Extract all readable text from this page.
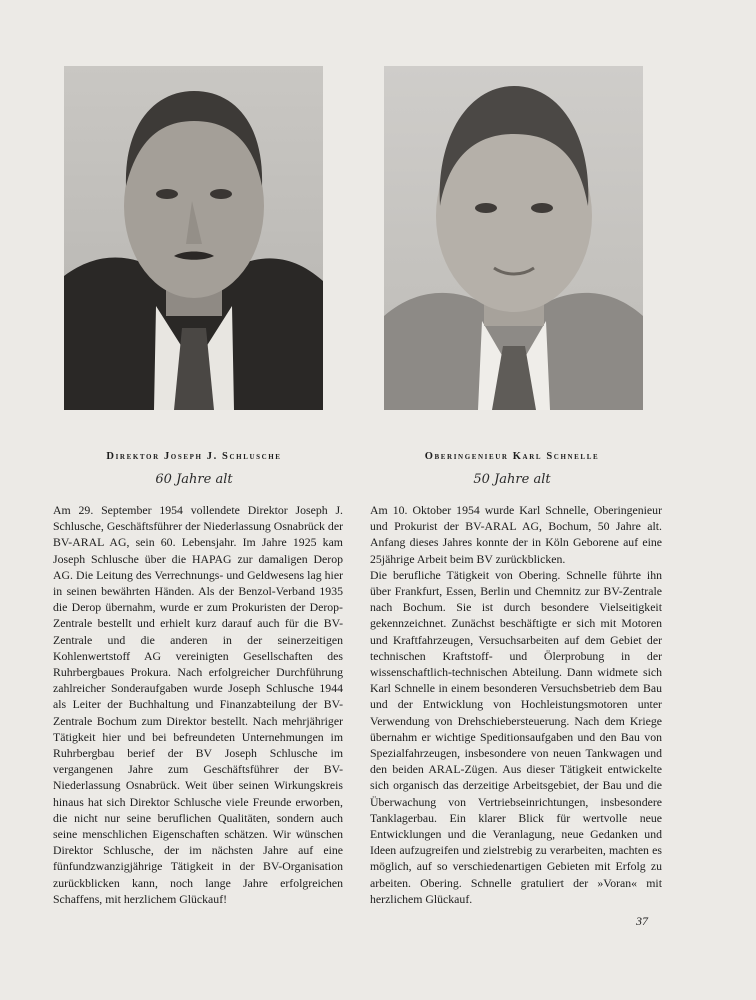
Direktor Joseph J. Schlusche
60 Jahre alt
Oberingenieur Karl Schnelle
50 Jahre alt

Am 29. September 1954 vollendete Direktor Joseph J. Schlusche, Geschäftsführer der Niederlassung Osnabrück der BV-ARAL AG, sein 60. Lebensjahr. Im Jahre 1925 kam Joseph Schlusche über die HAPAG zur damaligen Derop AG. Die Leitung des Verrechnungs- und Geldwesens lag hier in seinen bewährten Händen. Als der Benzol-Verband 1935 die Derop übernahm, wurde er zum Prokuristen der Derop-Zentrale bestellt und erhielt kurz darauf auch für die BV-Zentrale und die anderen in der seinerzeitigen Kohlenwertstoff AG vereinigten Gesellschaften des Ruhrbergbaues Prokura. Nach erfolgreicher Durchführung zahlreicher Sonderaufgaben wurde Joseph Schlusche 1944 als Leiter der Buchhaltung und Finanzabteilung der BV-Zentrale Bochum zum Direktor bestellt. Nach mehrjähriger Tätigkeit hier und bei befreundeten Unternehmungen im Ruhrbergbau berief der BV Joseph Schlusche im vergangenen Jahre zum Geschäftsführer der BV-Niederlassung Osnabrück. Weit über seinen Wirkungskreis hinaus hat sich Direktor Schlusche viele Freunde erworben, die nicht nur seine beruflichen Qualitäten, sondern auch seine menschlichen Eigenschaften schätzen. Wir wünschen Direktor Schlusche, der im nächsten Jahre auf eine fünfundzwanzigjährige Tätigkeit in der BV-Organisation zurückblicken kann, noch lange Jahre erfolgreichen Schaffens, mit herzlichem Glückauf!

Am 10. Oktober 1954 wurde Karl Schnelle, Oberingenieur und Prokurist der BV-ARAL AG, Bochum, 50 Jahre alt. Anfang dieses Jahres konnte der in Köln Geborene auf eine 25jährige Arbeit beim BV zurückblicken.

Die berufliche Tätigkeit von Obering. Schnelle führte ihn über Frankfurt, Essen, Berlin und Chemnitz zur BV-Zentrale nach Bochum. Sie ist durch besondere Vielseitigkeit gekennzeichnet. Zunächst beschäftigte er sich mit Motoren und Kraftfahrzeugen, Versuchsarbeiten auf dem Gebiet der technischen Kraftstoff- und Ölerprobung in der wissenschaftlich-technischen Abteilung. Dann widmete sich Karl Schnelle in einem besonderen Versuchsbetrieb dem Bau und der Entwicklung von Hochleistungsmotoren unter Verwendung von Drehschiebersteuerung. Nach dem Kriege übernahm er wichtige Speditionsaufgaben und den Bau von Spezialfahrzeugen, insbesondere von neuen Tankwagen und den beiden ARAL-Zügen. Aus dieser Tätigkeit entwickelte sich organisch das derzeitige Arbeitsgebiet, der Bau und die Überwachung von Vertriebseinrichtungen, insbesondere Tanklagerbau. Ein klarer Blick für wertvolle neue Entwicklungen und die Veranlagung, neue Gedanken und Ideen aufzugreifen und zielstrebig zu verarbeiten, machten es möglich, auf so verschiedenartigen Gebieten mit Erfolg zu arbeiten. Obering. Schnelle gratuliert der »Voran« mit herzlichem Glückauf.

37
